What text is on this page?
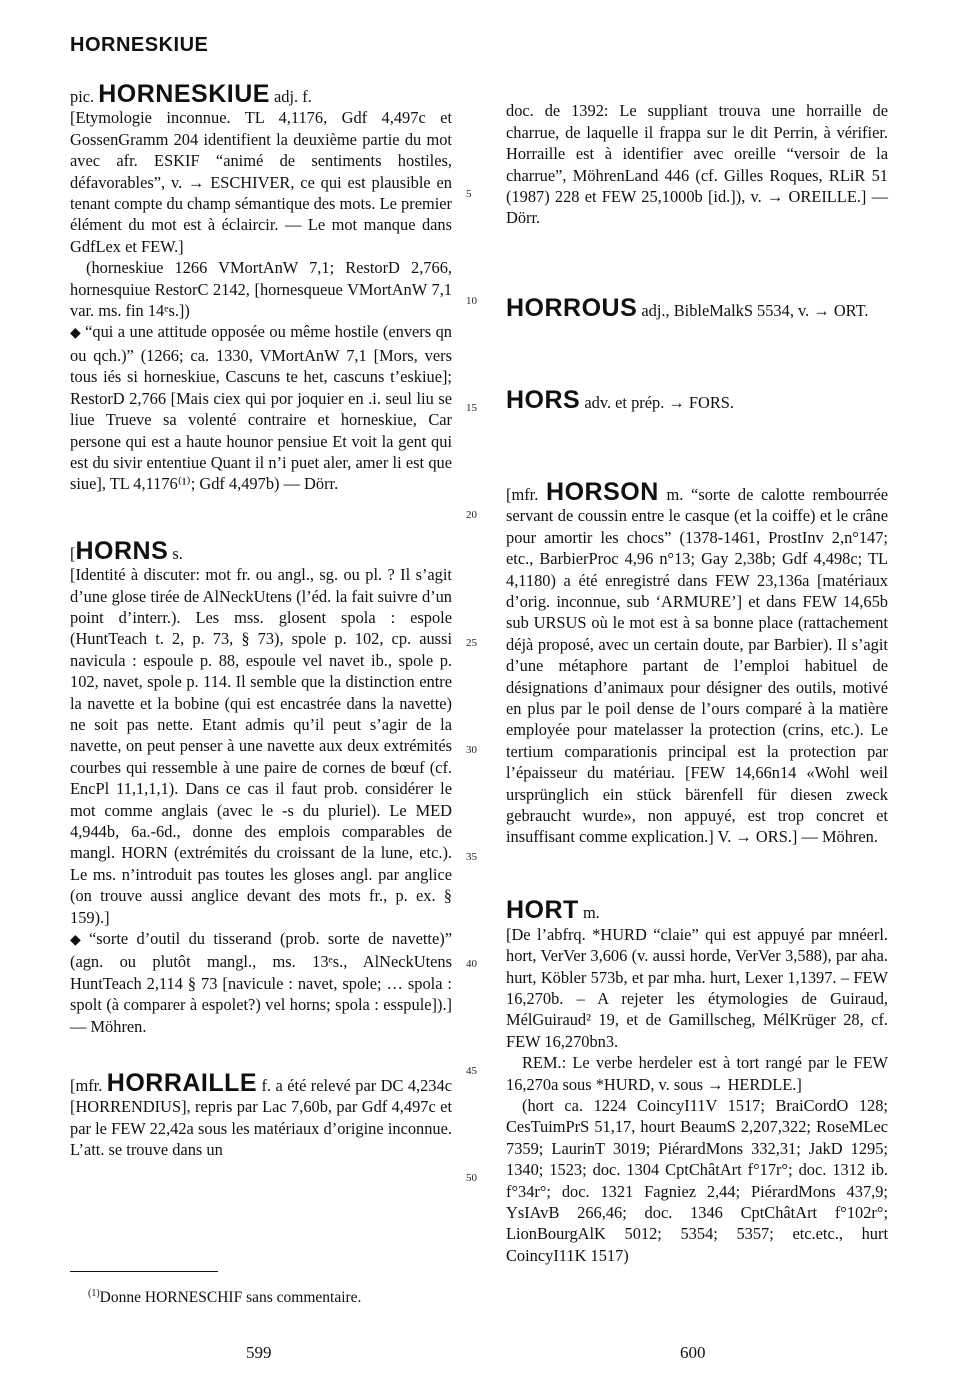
HORNESKIUE

pic. HORNESKIUE adj. f.

[Etymologie inconnue. TL 4,1176, Gdf 4,497c et GossenGramm 204 identifient la deuxième partie du mot avec afr. ESKIF “animé de sentiments hostiles, défavorables”, v. → ESCHIVER, ce qui est plausible en tenant compte du champ sémantique des mots. Le premier élément du mot est à éclaircir. — Le mot manque dans GdfLex et FEW.]

(horneskiue 1266 VMortAnW 7,1; RestorD 2,766, hornesquiue RestorC 2142, [hornesqueue VMortAnW 7,1 var. ms. fin 14ᵉs.])

◆ “qui a une attitude opposée ou même hostile (envers qn ou qch.)” (1266; ca. 1330, VMortAnW 7,1 [Mors, vers tous iés si horneskiue, Cascuns te het, cascuns t’eskiue]; RestorD 2,766 [Mais ciex qui por joquier en .i. seul liu se liue Trueve sa volenté contraire et horneskiue, Car persone qui est a haute hounor pensiue Et voit la gent qui est du sivir ententiue Quant il n’i puet aler, amer li est que siue], TL 4,1176⁽¹⁾; Gdf 4,497b) — Dörr.

[HORNS s.

[Identité à discuter: mot fr. ou angl., sg. ou pl. ? Il s’agit d’une glose tirée de AlNeckUtens (l’éd. la fait suivre d’un point d’interr.). Les mss. glosent spola : espole (HuntTeach t. 2, p. 73, § 73), spole p. 102, cp. aussi navicula : espoule p. 88, espoule vel navet ib., spole p. 102, navet, spole p. 114. Il semble que la distinction entre la navette et la bobine (qui est encastrée dans la navette) ne soit pas nette. Etant admis qu’il peut s’agir de la navette, on peut penser à une navette aux deux extrémités courbes qui ressemble à une paire de cornes de bœuf (cf. EncPl 11,1,1,1). Dans ce cas il faut prob. considérer le mot comme anglais (avec le -s du pluriel). Le MED 4,944b, 6a.-6d., donne des emplois comparables de mangl. HORN (extrémités du croissant de la lune, etc.). Le ms. n’introduit pas toutes les gloses angl. par anglice (on trouve aussi anglice devant des mots fr., p. ex. § 159).]

◆ “sorte d’outil du tisserand (prob. sorte de navette)” (agn. ou plutôt mangl., ms. 13ᵉs., AlNeckUtens HuntTeach 2,114 § 73 [navicule : navet, spole; … spola : spolt (à comparer à espolet?) vel horns; spola : esspule]).] — Möhren.

[mfr. HORRAILLE f. a été relevé par DC 4,234c [HORRENDIUS], repris par Lac 7,60b, par Gdf 4,497c et par le FEW 22,42a sous les matériaux d’origine inconnue. L’att. se trouve dans un

5
10
15
20
25
30
35
40
45
50

doc. de 1392: Le suppliant trouva une horraille de charrue, de laquelle il frappa sur le dit Perrin, à vérifier. Horraille est à identifier avec oreille “versoir de la charrue”, MöhrenLand 446 (cf. Gilles Roques, RLiR 51 (1987) 228 et FEW 25,1000b [id.]), v. → OREILLE.] — Dörr.

HORROUS adj., BibleMalkS 5534, v. → ORT.

HORS adv. et prép. → FORS.

[mfr. HORSON m. “sorte de calotte rembourrée servant de coussin entre le casque (et la coiffe) et le crâne pour amortir les chocs” (1378-1461, ProstInv 2,n°147; etc., BarbierProc 4,96 n°13; Gay 2,38b; Gdf 4,498c; TL 4,1180) a été enregistré dans FEW 23,136a [matériaux d’orig. inconnue, sub ‘ARMURE’] et dans FEW 14,65b sub URSUS où le mot est à sa bonne place (rattachement déjà proposé, avec un certain doute, par Barbier). Il s’agit d’une métaphore partant de l’emploi habituel de désignations d’animaux pour désigner des outils, motivé en plus par le poil dense de l’ours comparé à la matière employée pour matelasser la protection (crins, etc.). Le tertium comparationis principal est la protection par l’épaisseur du matériau. [FEW 14,66n14 «Wohl weil ursprünglich ein stück bärenfell für diesen zweck gebraucht wurde», non appuyé, est trop concret et insuffisant comme explication.] V. → ORS.] — Möhren.

HORT m.

[De l’abfrq. *HURD “claie” qui est appuyé par mnéerl. hort, VerVer 3,606 (v. aussi horde, VerVer 3,588), par aha. hurt, Köbler 573b, et par mha. hurt, Lexer 1,1397. – FEW 16,270b. – A rejeter les étymologies de Guiraud, MélGuiraud² 19, et de Gamillscheg, MélKrüger 28, cf. FEW 16,270bn3.

REM.: Le verbe herdeler est à tort rangé par le FEW 16,270a sous *HURD, v. sous → HERDLE.]

(hort ca. 1224 CoincyI11V 1517; BraiCordO 128; CesTuimPrS 51,17, hourt BeaumS 2,207,322; RoseMLec 7359; LaurinT 3019; PiérardMons 332,31; JakD 1295; 1340; 1523; doc. 1304 CptChâtArt f°17r°; doc. 1312 ib. f°34r°; doc. 1321 Fagniez 2,44; PiérardMons 437,9; YsIAvB 266,46; doc. 1346 CptChâtArt f°102r°; LionBourgAlK 5012; 5354; 5357; etc.etc., hurt CoincyI11K 1517)

$^{(1)}$Donne HORNESCHIF sans commentaire.
599	600
